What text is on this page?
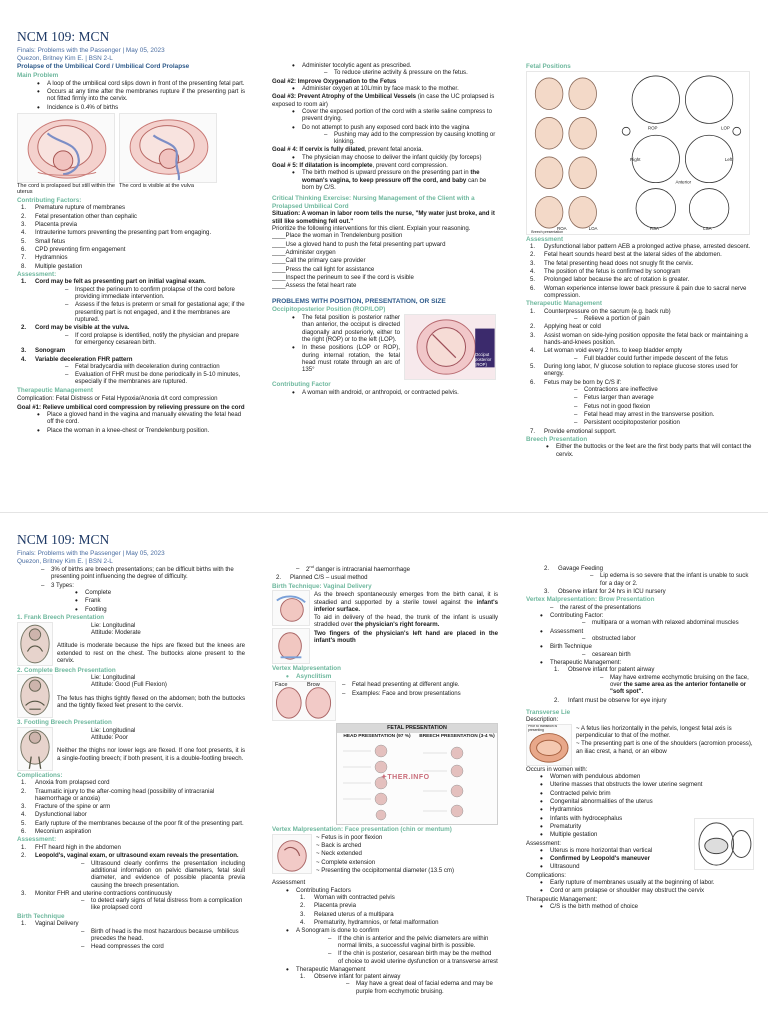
NCM 109: MCN
Finals: Problems with the Passenger | May 05, 2023
Quezon, Britney Kim E. | BSN 2-L
Prolapse of the Umbilical Cord / Umbilical Cord Prolapse
Main Problem
• A loop of the umbilical cord slips down in front of the presenting fetal part.
• Occurs at any time after the membranes rupture if the presenting part is not fitted firmly into the cervix.
• Incidence is 0.4% of births
The cord is prolapsed but still within the uterus
The cord is visible at the vulva
Contributing Factors:
1. Premature rupture of membranes
2. Fetal presentation other than cephalic
3. Placenta previa
4. Intrauterine tumors preventing the presenting part from engaging.
5. Small fetus
6. CPD preventing firm engagement
7. Hydramnios
8. Multiple gestation
Assessment:
1. Cord may be felt as presenting part on initial vaginal exam.
– Inspect the perineum to confirm prolapse of the cord before providing immediate intervention.
– Assess if the fetus is preterm or small for gestational age; if the presenting part is not engaged, and it the membranes are ruptured.
2. Cord may be visible at the vulva.
– If cord prolapse is identified, notify the physician and prepare for emergency cesarean birth.
3. Sonogram
4. Variable deceleration FHR pattern
– Fetal bradycardia with deceleration during contraction
– Evaluation of FHR must be done periodically in 5-10 minutes, especially if the membranes are ruptured.
Therapeutic Management
Complication: Fetal Distress or Fetal Hypoxia/Anoxia d/t cord compression
Goal #1: Relieve umbilical cord compression by relieving pressure on the cord
• Place a gloved hand in the vagina and manually elevating the fetal head off the cord.
• Place the woman in a knee-chest or Trendelenburg position.
• Administer tocolytic agent as prescribed.
– To reduce uterine activity & pressure on the fetus.
Goal #2: Improve Oxygenation to the Fetus
• Administer oxygen at 10L/min by face mask to the mother.
Goal #3: Prevent Atrophy of the Umbilical Vessels (in case the UC prolapsed is exposed to room air)
• Cover the exposed portion of the cord with a sterile saline compress to prevent drying.
• Do not attempt to push any exposed cord back into the vagina
– Pushing may add to the compression by causing knotting or kinking.
Goal # 4: If cervix is fully dilated, prevent fetal anoxia.
• The physician may choose to deliver the infant quickly (by forceps)
Goal # 5: If dilatation is incomplete, prevent cord compression.
• The birth method is upward pressure on the presenting part in the woman's vagina, to keep pressure off the cord, and baby can be born by C/S.
Critical Thinking Exercise: Nursing Management of the Client with a Prolapsed Umbilical Cord
Situation: A woman in labor room tells the nurse, "My water just broke, and it still like something fell out."
Prioritize the following interventions for this client. Explain your reasoning.
____Place the woman in Trendelenburg position
____Use a gloved hand to push the fetal presenting part upward
____Administer oxygen
____Call the primary care provider
____Press the call light for assistance
____Inspect the perineum to see if the cord is visible
____Assess the fetal heart rate
PROBLEMS WITH POSITION, PRESENTATION, OR SIZE
Occipitoposterior Position (ROP/LOP)
• The fetal position is posterior rather than anterior, the occiput is directed diagonally and posteriorly, either to the right (ROP) or to the left (LOP).
• In these positions (LOP or ROP), during internal rotation, the fetal head must rotate through an arc of 135°
Occiput posterior (ROP)
Contributing Factor
• A woman with android, or anthropoid, or contracted pelvis.
Fetal Positions
ROP	LOP
Right	Left
Anterior
RSA	LSA
LOA
ROA
Breech presentation
Assessment
1. Dysfunctional labor pattern AEB a prolonged active phase, arrested descent.
2. Fetal heart sounds heard best at the lateral sides of the abdomen.
3. The fetal presenting head does not snugly fit the cervix.
4. The position of the fetus is confirmed by sonogram
5. Prolonged labor because the arc of rotation is greater.
6. Woman experience intense lower back pressure & pain due to sacral nerve compression.
Therapeutic Management
1. Counterpressure on the sacrum (e.g. back rub)
– Relieve a portion of pain
2. Applying heat or cold
3. Assist woman on side-lying position opposite the fetal back or maintaining a hands-and-knees position.
4. Let woman void every 2 hrs. to keep bladder empty
– Full bladder could further impede descent of the fetus
5. During long labor, IV glucose solution to replace glucose stores used for energy.
6. Fetus may be born by C/S if:
– Contractions are ineffective
– Fetus larger than average
– Fetus not in good flexion
– Fetal head may arrest in the transverse position.
– Persistent occipitoposterior position
7. Provide emotional support.
Breech Presentation
• Either the buttocks or the feet are the first body parts that will contact the cervix.
NCM 109: MCN
Finals: Problems with the Passenger | May 05, 2023
Quezon, Britney Kim E. | BSN 2-L
– 3% of births are breech presentations; can be difficult births with the presenting point influencing the degree of difficulty.
– 3 Types:
• Complete
• Frank
• Footling
1. Frank Breech Presentation
Lie: Longitudinal
Attitude: Moderate
Attitude is moderate because the hips are flexed but the knees are extended to rest on the chest. The buttocks alone present to the cervix.
2. Complete Breech Presentation
Lie: Longitudinal
Attitude: Good (Full Flexion)
The fetus has thighs tightly flexed on the abdomen; both the buttocks and the tightly flexed feet present to the cervix.
3. Footling Breech Presentation
Lie: Longitudinal
Attitude: Poor
Neither the thighs nor lower legs are flexed. If one foot presents, it is a single-footling breech; if both present, it is a double-footling breech.
Complications:
1. Anoxia from prolapsed cord
2. Traumatic injury to the after-coming head (possibility of intracranial haemorrhage or anoxia)
3. Fracture of the spine or arm
4. Dysfunctional labor
5. Early rupture of the membranes because of the poor fit of the presenting part.
6. Meconium aspiration
Assessment:
1. FHT heard high in the abdomen
2. Leopold's, vaginal exam, or ultrasound exam reveals the presentation.
– Ultrasound clearly confirms the presentation including additional information on pelvic diameters, fetal skull diameter, and evidence of possible placenta previa causing the breech presentation.
3. Monitor FHR and uterine contractions continuously
– to detect early signs of fetal distress from a complication like prolapsed cord
Birth Technique
1. Vaginal Delivery
– Birth of head is the most hazardous because umbilicus precedes the head.
– Head compresses the cord
– 2nd danger is intracranial haemorrhage
2. Planned C/S – usual method
Birth Technique: Vaginal Delivery
As the breech spontaneously emerges from the birth canal, it is steadied and supported by a sterile towel against the infant's inferior surface.
To aid in delivery of the head, the trunk of the infant is usually straddled over the physician's right forearm.
Two fingers of the physician's left hand are placed in the infant's mouth
Vertex Malpresentation
• Asynclitism
Face	Brow
–	Fetal head presenting at different angle.
– Examples: Face and brow presentations
FETAL PRESENTATION
HEAD PRESENTATION (97 %)	BREECH PRESENTATION (3-4 %)
✦THER.INFO
Vertex Malpresentation: Face presentation (chin or mentum)
~ Fetus is in poor flexion
~ Back is arched
~ Neck extended
~ Complete extension
~ Presenting the occipitomental diameter (13.5 cm)
Assessment
• Contributing Factors
1. Woman with contracted pelvis
2. Placenta previa
3. Relaxed uterus of a multipara
4. Prematurity, hydramnios, or fetal malformation
• A Sonogram is done to confirm
– If the chin is anterior and the pelvic diameters are within normal limits, a successful vaginal birth is possible.
– If the chin is posterior, cesarean birth may be the method of choice to avoid uterine dysfunction or a transverse arrest
• Therapeutic Management
1. Observe infant for patent airway
– May have a great deal of facial edema and may be purple from ecchymotic bruising.
2. Gavage Feeding
– Lip edema is so severe that the infant is unable to suck for a day or 2.
3. Observe infant for 24 hrs in ICU nursery
Vertex Malpresentation: Brow Presentation
– the rarest of the presentations
• Contributing Factor:
– multipara or a woman with relaxed abdominal muscles
• Assessment
– obstructed labor
• Birth Technique
– cesarean birth
• Therapeutic Management:
1. Observe infant for patent airway
– May have extreme ecchymotic bruising on the face, over the same area as the anterior fontanelle or "soft spot".
2. Infant must be observe for eye injury
Transverse Lie
Description:
Prior to transition is presenting	~ A fetus lies horizontally in the pelvis, longest fetal axis is perpendicular to that of the mother.
~ The presenting part is one of the shoulders (acromion process), an iliac crest, a hand, or an elbow
Occurs in women with:
• Women with pendulous abdomen
• Uterine masses that obstructs the lower uterine segment
• Contracted pelvic brim
• Congenital abnormalities of the uterus
• Hydramnios
• Infants with hydrocephalus
• Prematurity
• Multiple gestation
Assessment:
• Uterus is more horizontal than vertical
• Confirmed by Leopold's maneuver
• Ultrasound
Complications:
• Early rupture of membranes usually at the beginning of labor.
• Cord or arm prolapse or shoulder may obstruct the cervix
Therapeutic Management:
• C/S is the birth method of choice
